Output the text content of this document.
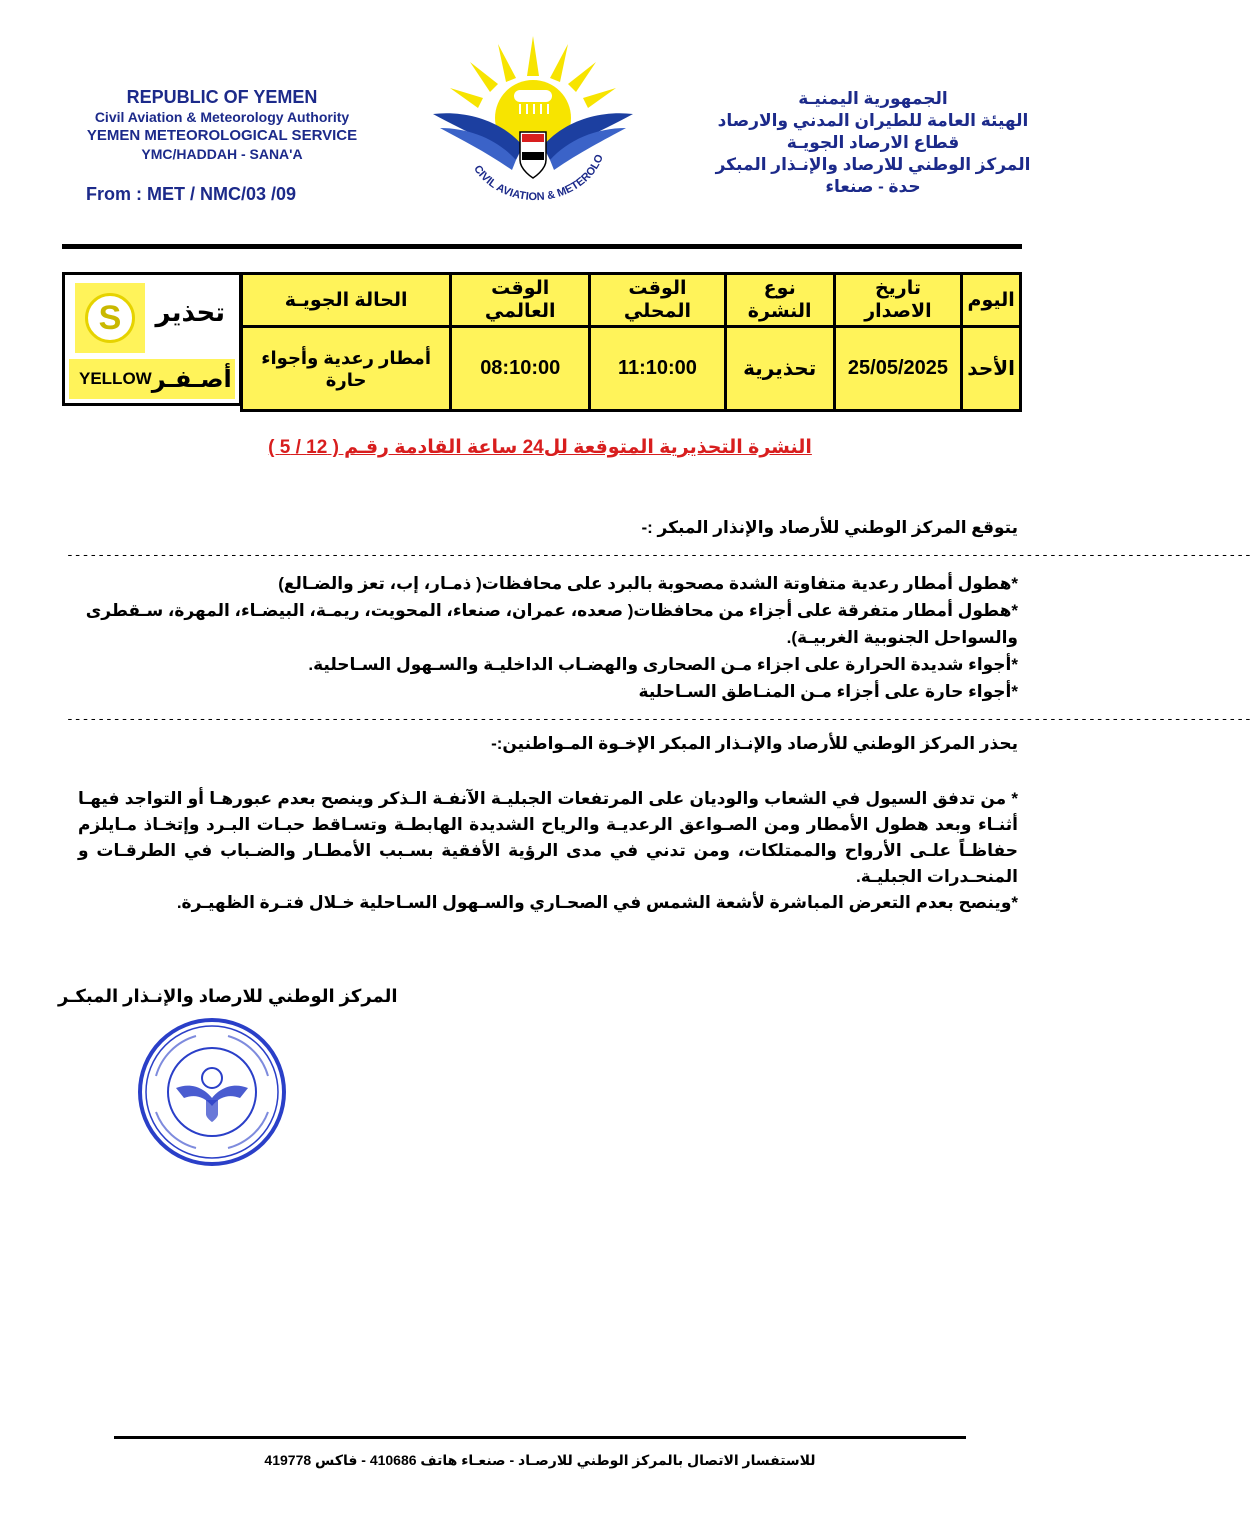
REPUBLIC OF YEMEN
Civil Aviation & Meteorology Authority
YEMEN METEOROLOGICAL SERVICE
YMC/HADDAH - SANA'A
From : MET / NMC/03 /09
CIVIL AVIATION & METEROLO
الجمهورية اليمنيـة
الهيئة العامة للطيران المدني والارصاد
قطاع الارصاد الجويـة
المركز الوطني للارصاد والإنـذار المبكر
حدة - صنعاء
S	تحذير
YELLOW أصـفـر
اليوم	تاريخ الاصدار	نوع النشرة	الوقت المحلي	الوقت العالمي	الحالة الجويـة
الأحد	25/05/2025	تحذيرية	11:10:00	08:10:00	أمطار رعدية وأجواء حارة
النشرة التحذيرية المتوقعة لل24 ساعة القادمة رقـم ( 12 / 5 )
يتوقع المركز الوطني للأرصاد والإنذار المبكر :-
--------------------------------------------------------------------------------------------------------------------------------------------------------
*هطول أمطار رعدية متفاوتة الشدة مصحوبة بالبرد على محافظات( ذمـار، إب، تعز والضـالع)
*هطول أمطار متفرقة على أجزاء من محافظات( صعده، عمران، صنعاء، المحويت، ريمـة، البيضـاء، المهرة، سـقطرى والسواحل الجنوبية الغربيـة).
*أجواء شديدة الحرارة على اجزاء مـن الصحارى والهضـاب الداخليـة والسـهول السـاحلية.
*أجواء حارة على أجزاء مـن المنـاطق السـاحلية
--------------------------------------------------------------------------------------------------------------------------------------------------------
يحذر المركز الوطني للأرصاد والإنـذار المبكر الإخـوة المـواطنين:-
* من تدفق السيول في الشعاب والوديان على المرتفعات الجبليـة الآنفـة الـذكر وينصح بعدم عبورهـا أو التواجد فيهـا أثنـاء وبعد هطول الأمطار ومن الصـواعق الرعديـة والرياح الشديدة الهابطـة وتسـاقط حبـات البـرد وإتخـاذ مـايلزم حفاظـاً علـى الأرواح والممتلكات، ومن تدني في مدى الرؤية الأفقية بسـبب الأمطـار والضـباب في الطرقـات و المنحـدرات الجبليـة.
*وينصح بعدم التعرض المباشرة لأشعة الشمس في الصحـاري والسـهول السـاحلية خـلال فتـرة الظهيـرة.
المركز الوطني للارصاد والإنـذار المبكـر
للاستفسار الاتصال بالمركز الوطني للارصـاد - صنعـاء هاتف 410686 - فاكس 419778
